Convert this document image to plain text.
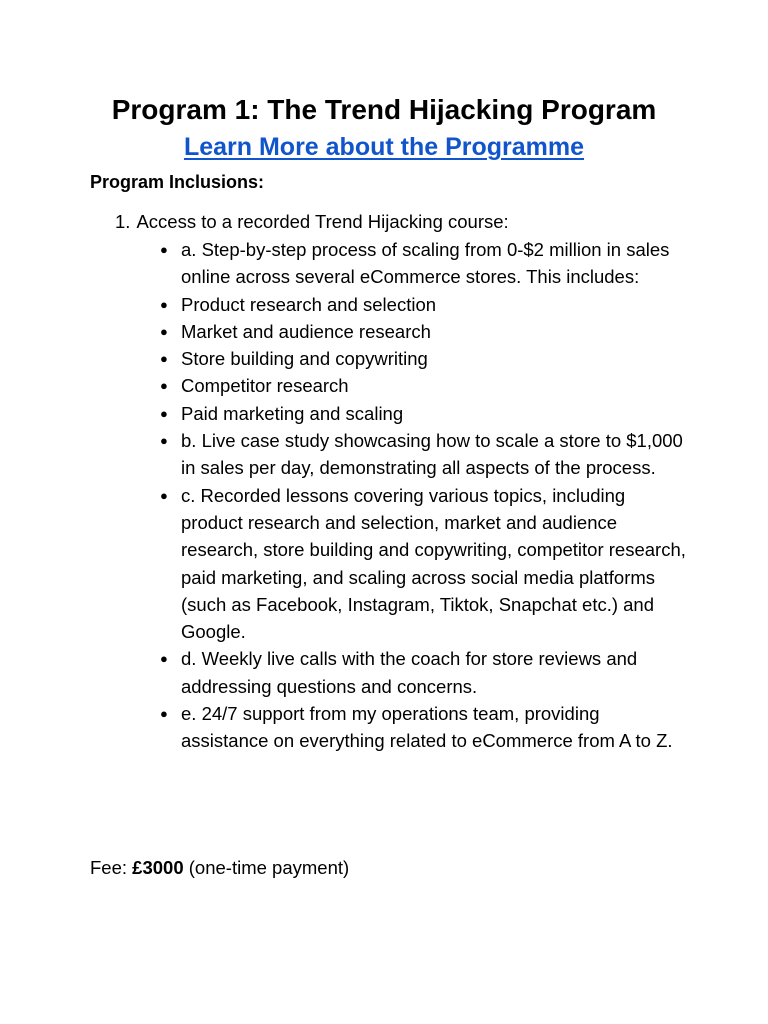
Program 1: The Trend Hijacking Program

Learn More about the Programme

Program Inclusions:

1. Access to a recorded Trend Hijacking course:

● a. Step-by-step process of scaling from 0-$2 million in sales online across several eCommerce stores. This includes:
● Product research and selection
● Market and audience research
● Store building and copywriting
● Competitor research
● Paid marketing and scaling
● b. Live case study showcasing how to scale a store to $1,000 in sales per day, demonstrating all aspects of the process.
● c. Recorded lessons covering various topics, including product research and selection, market and audience research, store building and copywriting, competitor research, paid marketing, and scaling across social media platforms (such as Facebook, Instagram, Tiktok, Snapchat etc.) and Google.
● d. Weekly live calls with the coach for store reviews and addressing questions and concerns.
● e. 24/7 support from my operations team, providing assistance on everything related to eCommerce from A to Z.

Fee: £3000 (one-time payment)
